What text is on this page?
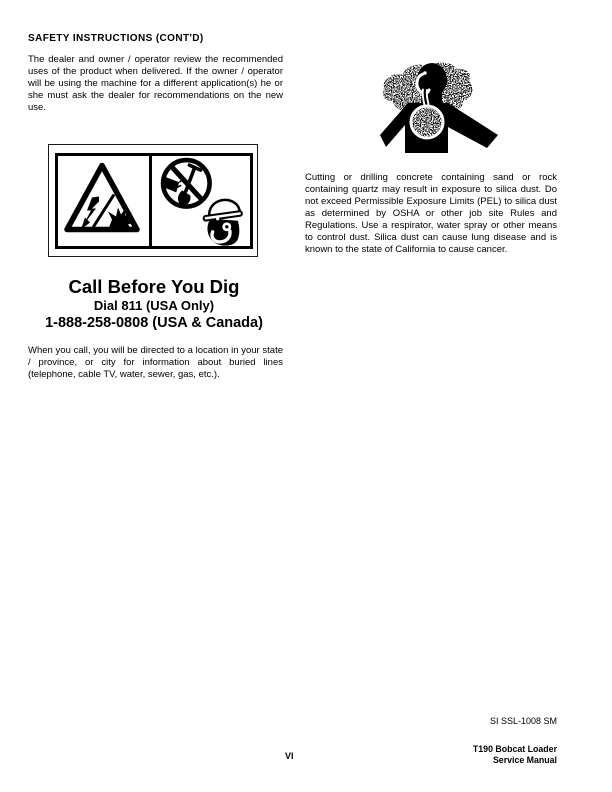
SAFETY INSTRUCTIONS (CONT'D)

The dealer and owner / operator review the recommended uses of the product when delivered. If the owner / operator will be using the machine for a different application(s) he or she must ask the dealer for recommendations on the new use.

Cutting or drilling concrete containing sand or rock containing quartz may result in exposure to silica dust. Do not exceed Permissible Exposure Limits (PEL) to silica dust as determined by OSHA or other job site Rules and Regulations. Use a respirator, water spray or other means to control dust. Silica dust can cause lung disease and is known to the state of California to cause cancer.

Call Before You Dig
Dial 811 (USA Only)
1-888-258-0808 (USA & Canada)

When you call, you will be directed to a location in your state / province, or city for information about buried lines (telephone, cable TV, water, sewer, gas, etc.).

SI SSL-1008 SM
T190 Bobcat Loader
Service Manual
VI
